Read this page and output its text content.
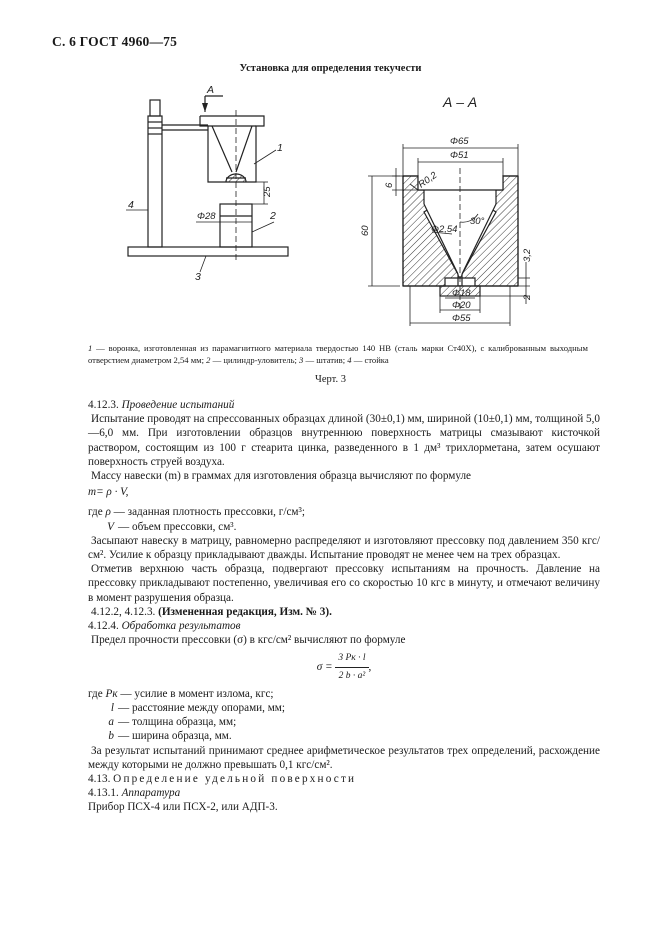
С. 6 ГОСТ 4960—75
Установка для определения текучести
А
Φ28
25
1
2
4
3
А – А
Φ65
Φ51
6 R0,2
Φ2,54
30°
60
3,2
Φ18
Φ20
Φ55
2
1 — воронка, изготовленная из парамагнитного материала твердостью 140 НВ (сталь марки Ст40Х), с калиброванным выходным отверстием диаметром 2,54 мм; 2 — цилиндр-уловитель; 3 — штатив; 4 — стойка
Черт. 3

4.12.3. Проведение испытаний

Испытание проводят на спрессованных образцах длиной (30±0,1) мм, шириной (10±0,1) мм, толщиной 5,0—6,0 мм. При изготовлении образцов внутреннюю поверхность матрицы смазывают кисточкой раствором, состоящим из 100 г стеарита цинка, разведенного в 1 дм³ трихлорметана, затем осушают поверхность струей воздуха.

Массу навески (m) в граммах для изготовления образца вычисляют по формуле

m= ρ · V,

где
ρ
— заданная плотность прессовки, г/см³;
V — объем прессовки, см³.

Засыпают навеску в матрицу, равномерно распределяют и изготовляют прессовку под давлением 350 кгс/см². Усилие к образцу прикладывают дважды. Испытание проводят не менее чем на трех образцах.

Отметив верхнюю часть образца, подвергают прессовку испытаниям на прочность. Давление на прессовку прикладывают постепенно, увеличивая его со скоростью 10 кгс в минуту, и отмечают величину в момент разрушения образца.

4.12.2, 4.12.3. (Измененная редакция, Изм. № 3).

4.12.4. Обработка результатов

Предел прочности прессовки (σ) в кгс/см² вычисляют по формуле

σ =
$\frac{3 Pк \cdot l}{\text{2 b · a²}}$ ,
где
Pк
— усилие в момент излома, кгс;
l — расстояние между опорами, мм;
a — толщина образца, мм;
b — ширина образца, мм.

За результат испытаний принимают среднее арифметическое результатов трех определений, расхождение между которыми не должно превышать 0,1 кгс/см².

4.13. Определение удельной поверхности

4.13.1. Аппаратура

Прибор ПСХ-4 или ПСХ-2, или АДП-3.
